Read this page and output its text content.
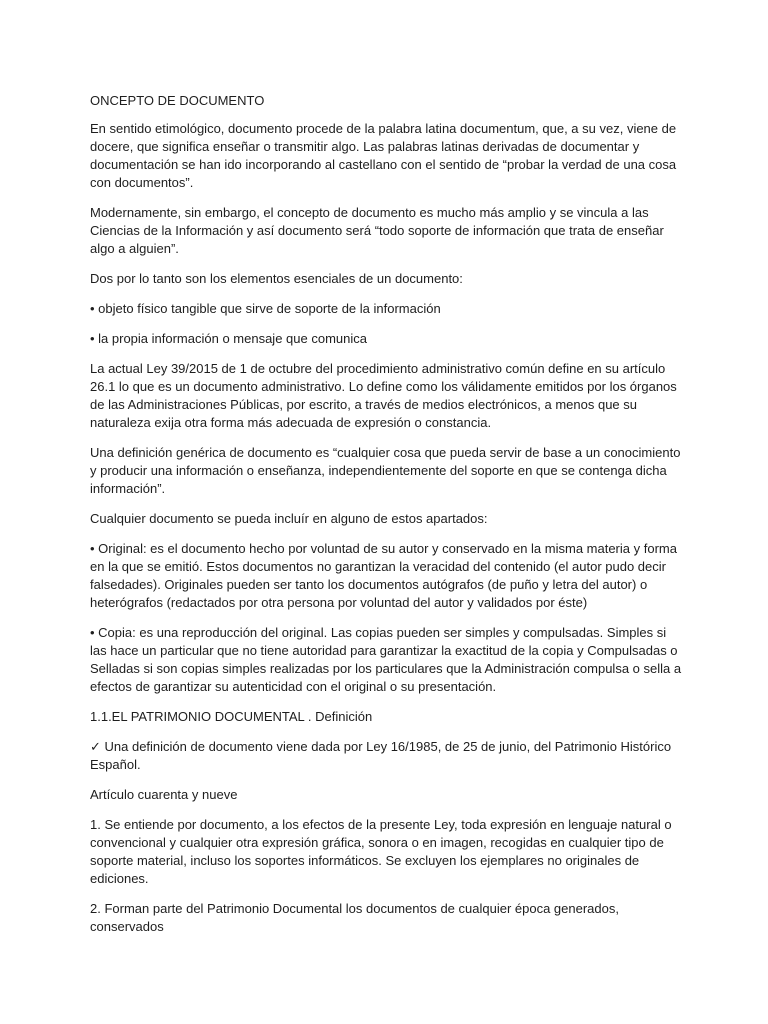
ONCEPTO DE DOCUMENTO

En sentido etimológico, documento procede de la palabra latina documentum, que, a su vez, viene de docere, que significa enseñar o transmitir algo. Las palabras latinas derivadas de documentar y documentación se han ido incorporando al castellano con el sentido de “probar la verdad de una cosa con documentos”.

Modernamente, sin embargo, el concepto de documento es mucho más amplio y se vincula a las Ciencias de la Información y así documento será “todo soporte de información que trata de enseñar algo a alguien”.

Dos por lo tanto son los elementos esenciales de un documento:

• objeto físico tangible que sirve de soporte de la información

• la propia información o mensaje que comunica

La actual Ley 39/2015 de 1 de octubre del procedimiento administrativo común define en su artículo 26.1 lo que es un documento administrativo. Lo define como los válidamente emitidos por los órganos de las Administraciones Públicas, por escrito, a través de medios electrónicos, a menos que su naturaleza exija otra forma más adecuada de expresión o constancia.

Una definición genérica de documento es “cualquier cosa que pueda servir de base a un conocimiento y producir una información o enseñanza, independientemente del soporte en que se contenga dicha información”.

Cualquier documento se pueda incluír en alguno de estos apartados:

• Original: es el documento hecho por voluntad de su autor y conservado en la misma materia y forma en la que se emitió. Estos documentos no garantizan la veracidad del contenido (el autor pudo decir falsedades). Originales pueden ser tanto los documentos autógrafos (de puño y letra del autor) o heterógrafos (redactados por otra persona por voluntad del autor y validados por éste)

• Copia: es una reproducción del original. Las copias pueden ser simples y compulsadas. Simples si las hace un particular que no tiene autoridad para garantizar la exactitud de la copia y Compulsadas o Selladas si son copias simples realizadas por los particulares que la Administración compulsa o sella a efectos de garantizar su autenticidad con el original o su presentación.

1.1.EL PATRIMONIO DOCUMENTAL . Definición

✓ Una definición de documento viene dada por Ley 16/1985, de 25 de junio, del Patrimonio Histórico Español.

Artículo cuarenta y nueve

1. Se entiende por documento, a los efectos de la presente Ley, toda expresión en lenguaje natural o convencional y cualquier otra expresión gráfica, sonora o en imagen, recogidas en cualquier tipo de soporte material, incluso los soportes informáticos. Se excluyen los ejemplares no originales de ediciones.

2. Forman parte del Patrimonio Documental los documentos de cualquier época generados, conservados
